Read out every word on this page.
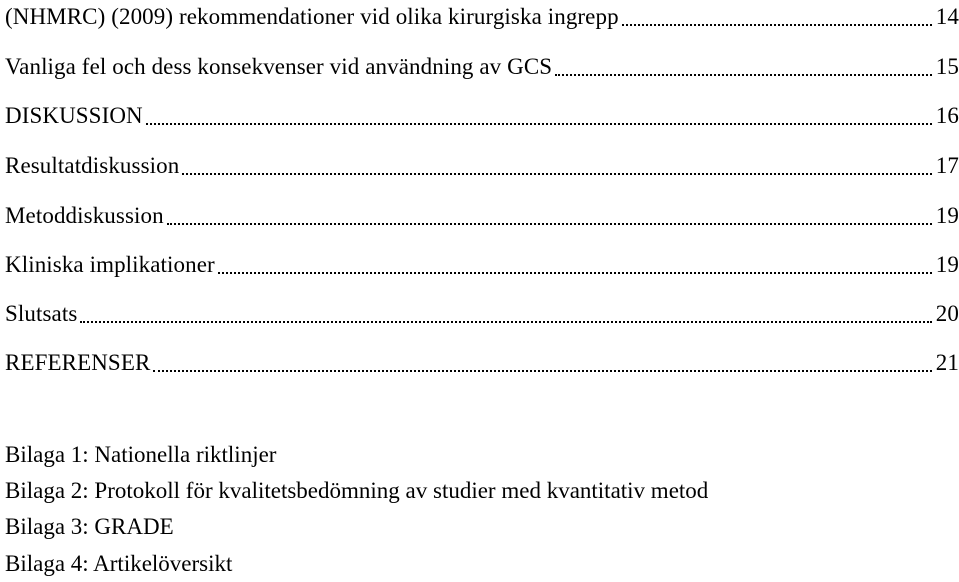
(NHMRC) (2009) rekommendationer vid olika kirurgiska ingrepp	14
Vanliga fel och dess konsekvenser vid användning av GCS	15
DISKUSSION	16
Resultatdiskussion	17
Metoddiskussion	19
Kliniska implikationer	19
Slutsats	20
REFERENSER	21
Bilaga 1: Nationella riktlinjer
Bilaga 2: Protokoll för kvalitetsbedömning av studier med kvantitativ metod
Bilaga 3: GRADE
Bilaga 4: Artikelöversikt
